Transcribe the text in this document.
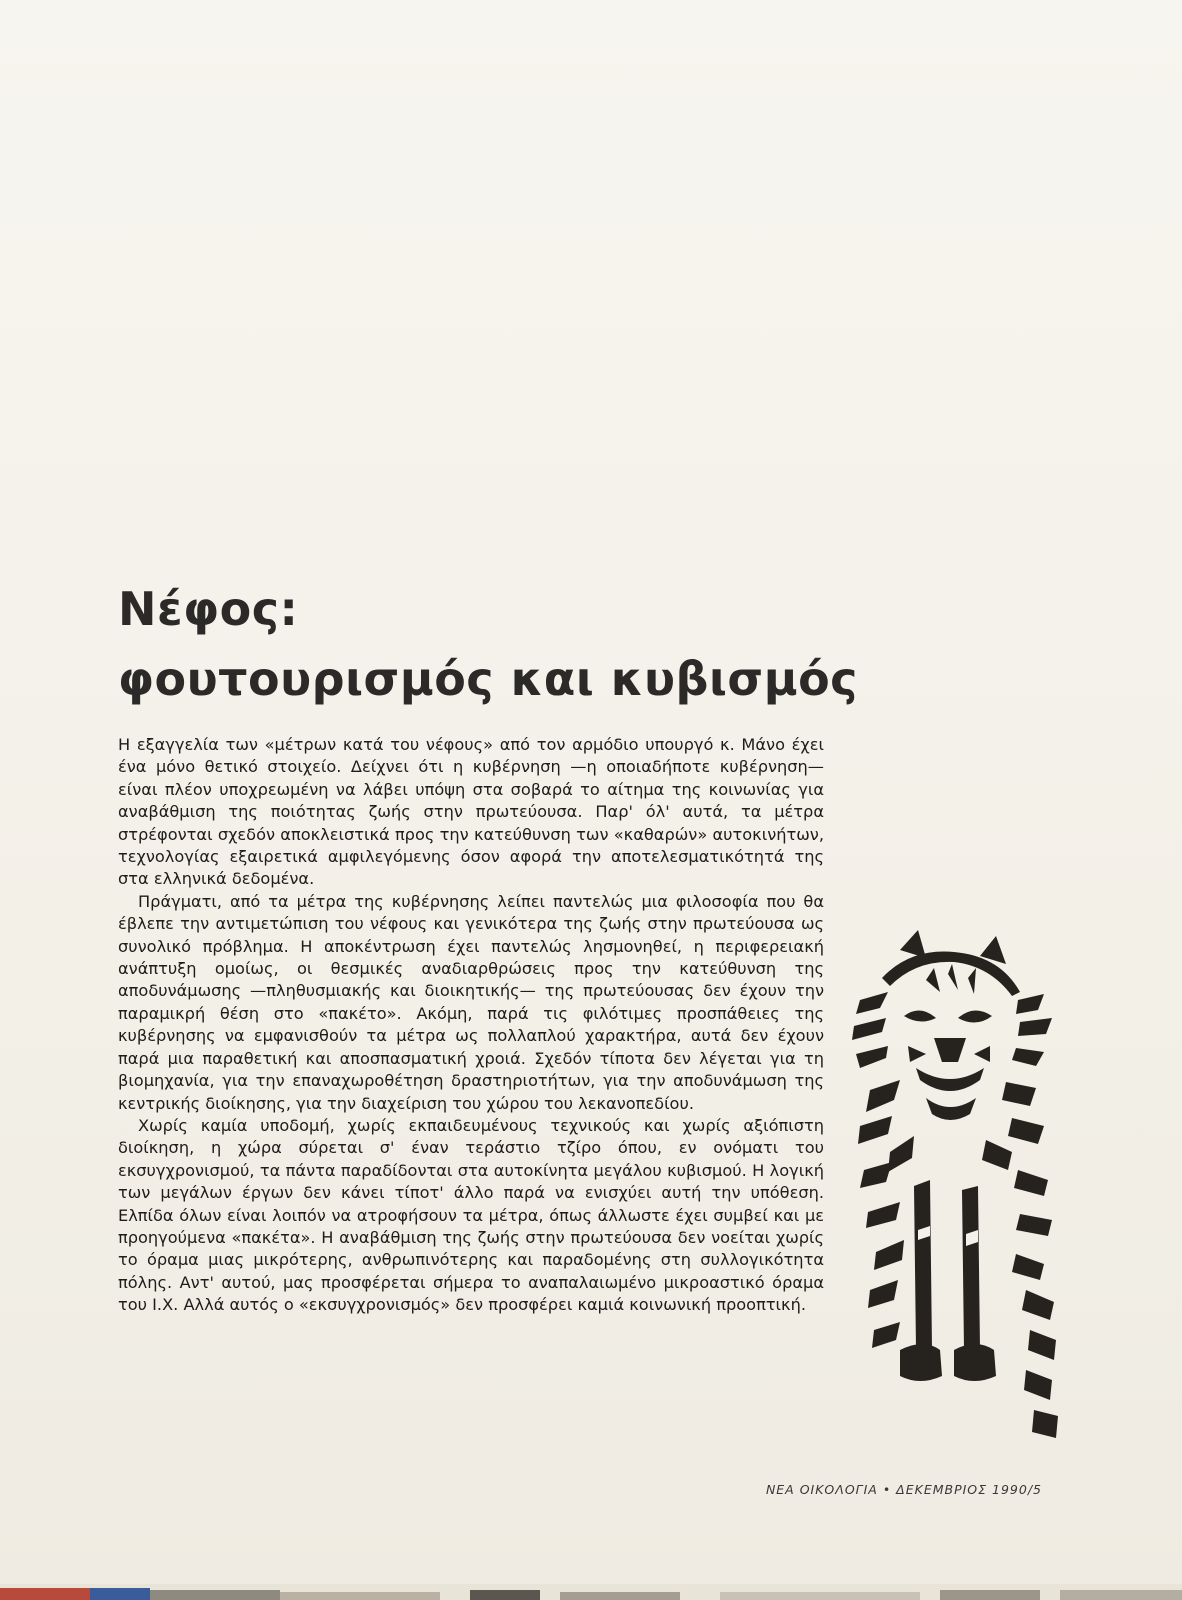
Νέφος:
φουτουρισμός και κυβισμός

Η εξαγγελία των «μέτρων κατά του νέφους» από τον αρμόδιο υπουργό κ. Μάνο έχει ένα μόνο θετικό στοιχείο. Δείχνει ότι η κυβέρνηση —η οποιαδήποτε κυβέρνηση— είναι πλέον υποχρεωμένη να λάβει υπόψη στα σοβαρά το αίτημα της κοινωνίας για αναβάθμιση της ποιότητας ζωής στην πρωτεύουσα. Παρ' όλ' αυτά, τα μέτρα στρέφονται σχεδόν αποκλειστικά προς την κατεύθυνση των «καθαρών» αυτοκινήτων, τεχνολογίας εξαιρετικά αμφιλεγόμενης όσον αφορά την αποτελεσματικότητά της στα ελληνικά δεδομένα.

Πράγματι, από τα μέτρα της κυβέρνησης λείπει παντελώς μια φιλοσοφία που θα έβλεπε την αντιμετώπιση του νέφους και γενικότερα της ζωής στην πρωτεύουσα ως συνολικό πρόβλημα. Η αποκέντρωση έχει παντελώς λησμονηθεί, η περιφερειακή ανάπτυξη ομοίως, οι θεσμικές αναδιαρθρώσεις προς την κατεύθυνση της αποδυνάμωσης —πληθυσμιακής και διοικητικής— της πρωτεύουσας δεν έχουν την παραμικρή θέση στο «πακέτο». Ακόμη, παρά τις φιλότιμες προσπάθειες της κυβέρνησης να εμφανισθούν τα μέτρα ως πολλαπλού χαρακτήρα, αυτά δεν έχουν παρά μια παραθετική και αποσπασματική χροιά. Σχεδόν τίποτα δεν λέγεται για τη βιομηχανία, για την επαναχωροθέτηση δραστηριοτήτων, για την αποδυνάμωση της κεντρικής διοίκησης, για την διαχείριση του χώρου του λεκανοπεδίου.

Χωρίς καμία υποδομή, χωρίς εκπαιδευμένους τεχνικούς και χωρίς αξιόπιστη διοίκηση, η χώρα σύρεται σ' έναν τεράστιο τζίρο όπου, εν ονόματι του εκσυγχρονισμού, τα πάντα παραδίδονται στα αυτοκίνητα μεγάλου κυβισμού. Η λογική των μεγάλων έργων δεν κάνει τίποτ' άλλο παρά να ενισχύει αυτή την υπόθεση. Ελπίδα όλων είναι λοιπόν να ατροφήσουν τα μέτρα, όπως άλλωστε έχει συμβεί και με προηγούμενα «πακέτα». Η αναβάθμιση της ζωής στην πρωτεύουσα δεν νοείται χωρίς το όραμα μιας μικρότερης, ανθρωπινότερης και παραδομένης στη συλλογικότητα πόλης. Αντ' αυτού, μας προσφέρεται σήμερα το αναπαλαιωμένο μικροαστικό όραμα του Ι.Χ. Αλλά αυτός ο «εκσυγχρονισμός» δεν προσφέρει καμιά κοινωνική προοπτική.

ΝΕΑ ΟΙΚΟΛΟΓΙΑ • ΔΕΚΕΜΒΡΙΟΣ 1990/5
